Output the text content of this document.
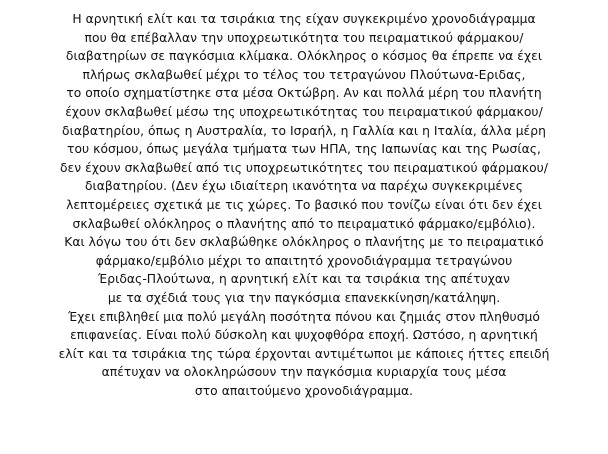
Η αρνητική ελίτ και τα τσιράκια της είχαν συγκεκριμένο χρονοδιάγραμμα
που θα επέβαλλαν την υποχρεωτικότητα του πειραματικού φάρμακου/
διαβατηρίων σε παγκόσμια κλίμακα. Ολόκληρος ο κόσμος θα έπρεπε να έχει
πλήρως σκλαβωθεί μέχρι το τέλος του τετραγώνου Πλούτωνα-Εριδας,
το οποίο σχηματίστηκε στα μέσα Οκτώβρη. Αν και πολλά μέρη του πλανήτη
έχουν σκλαβωθεί μέσω της υποχρεωτικότητας του πειραματικού φάρμακου/
διαβατηρίου, όπως η Αυστραλία, το Ισραήλ, η Γαλλία και η Ιταλία, άλλα μέρη
του κόσμου, όπως μεγάλα τμήματα των ΗΠΑ, της Ιαπωνίας και της Ρωσίας,
δεν έχουν σκλαβωθεί από τις υποχρεωτικότητες του πειραματικού φάρμακου/
διαβατηρίου. (Δεν έχω ιδιαίτερη ικανότητα να παρέχω συγκεκριμένες
λεπτομέρειες σχετικά με τις χώρες. Το βασικό που τονίζω είναι ότι δεν έχει
σκλαβωθεί ολόκληρος ο πλανήτης από το πειραματικό φάρμακο/εμβόλιο).
Και λόγω του ότι δεν σκλαβώθηκε ολόκληρος ο πλανήτης με το πειραματικό
φάρμακο/εμβόλιο μέχρι το απαιτητό χρονοδιάγραμμα τετραγώνου
Έριδας-Πλούτωνα, η αρνητική ελίτ και τα τσιράκια της απέτυχαν
με τα σχέδιά τους για την παγκόσμια επανεκκίνηση/κατάληψη.
Έχει επιβληθεί μια πολύ μεγάλη ποσότητα πόνου και ζημιάς στον πληθυσμό
επιφανείας. Είναι πολύ δύσκολη και ψυχοφθόρα εποχή. Ωστόσο, η αρνητική
ελίτ και τα τσιράκια της τώρα έρχονται αντιμέτωποι με κάποιες ήττες επειδή
απέτυχαν να ολοκληρώσουν την παγκόσμια κυριαρχία τους μέσα
στο απαιτούμενο χρονοδιάγραμμα.
